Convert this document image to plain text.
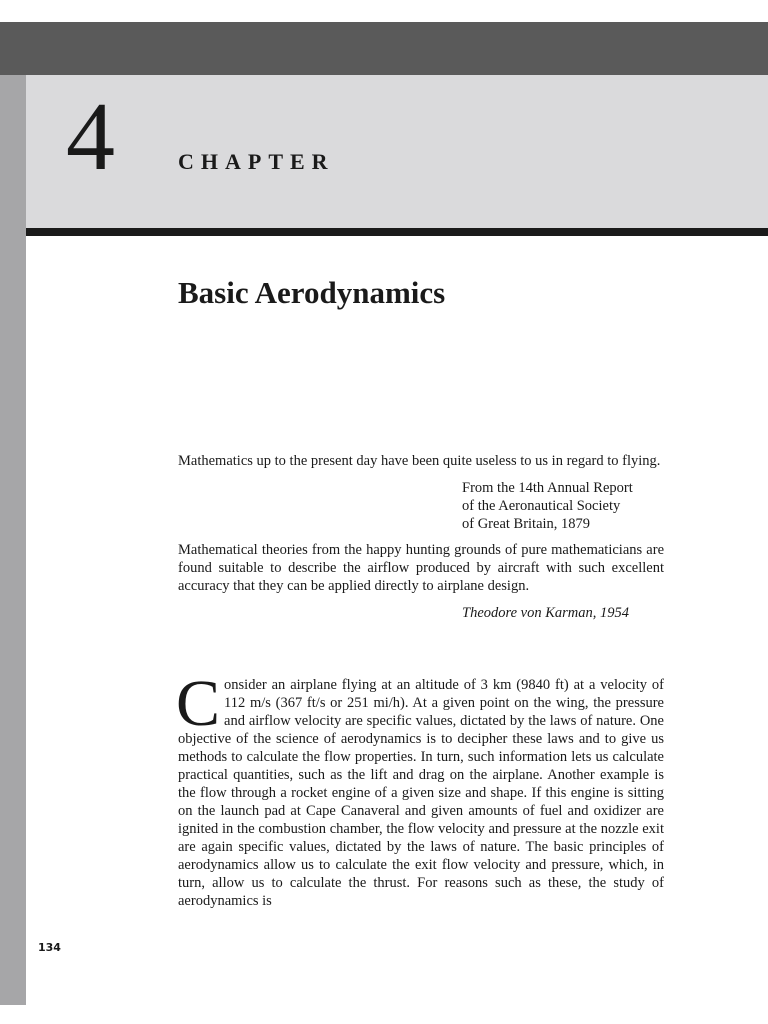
4	CHAPTER
Basic Aerodynamics

Mathematics up to the present day have been quite useless to us in regard to flying.

From the 14th Annual Report
of the Aeronautical Society
of Great Britain, 1879

Mathematical theories from the happy hunting grounds of pure mathematicians are found suitable to describe the airflow produced by aircraft with such excellent accuracy that they can be applied directly to airplane design.

Theodore von Karman, 1954
Consider an airplane flying at an altitude of 3 km (9840 ft) at a velocity of 112 m/s (367 ft/s or 251 mi/h). At a given point on the wing, the pressure and airflow velocity are specific values, dictated by the laws of nature. One objective of the science of aerodynamics is to decipher these laws and to give us methods to calculate the flow properties. In turn, such information lets us calculate practical quantities, such as the lift and drag on the airplane. Another example is the flow through a rocket engine of a given size and shape. If this engine is sitting on the launch pad at Cape Canaveral and given amounts of fuel and oxidizer are ignited in the combustion chamber, the flow velocity and pressure at the nozzle exit are again specific values, dictated by the laws of nature. The basic principles of aerodynamics allow us to calculate the exit flow velocity and pressure, which, in turn, allow us to calculate the thrust. For reasons such as these, the study of aerodynamics is
134
